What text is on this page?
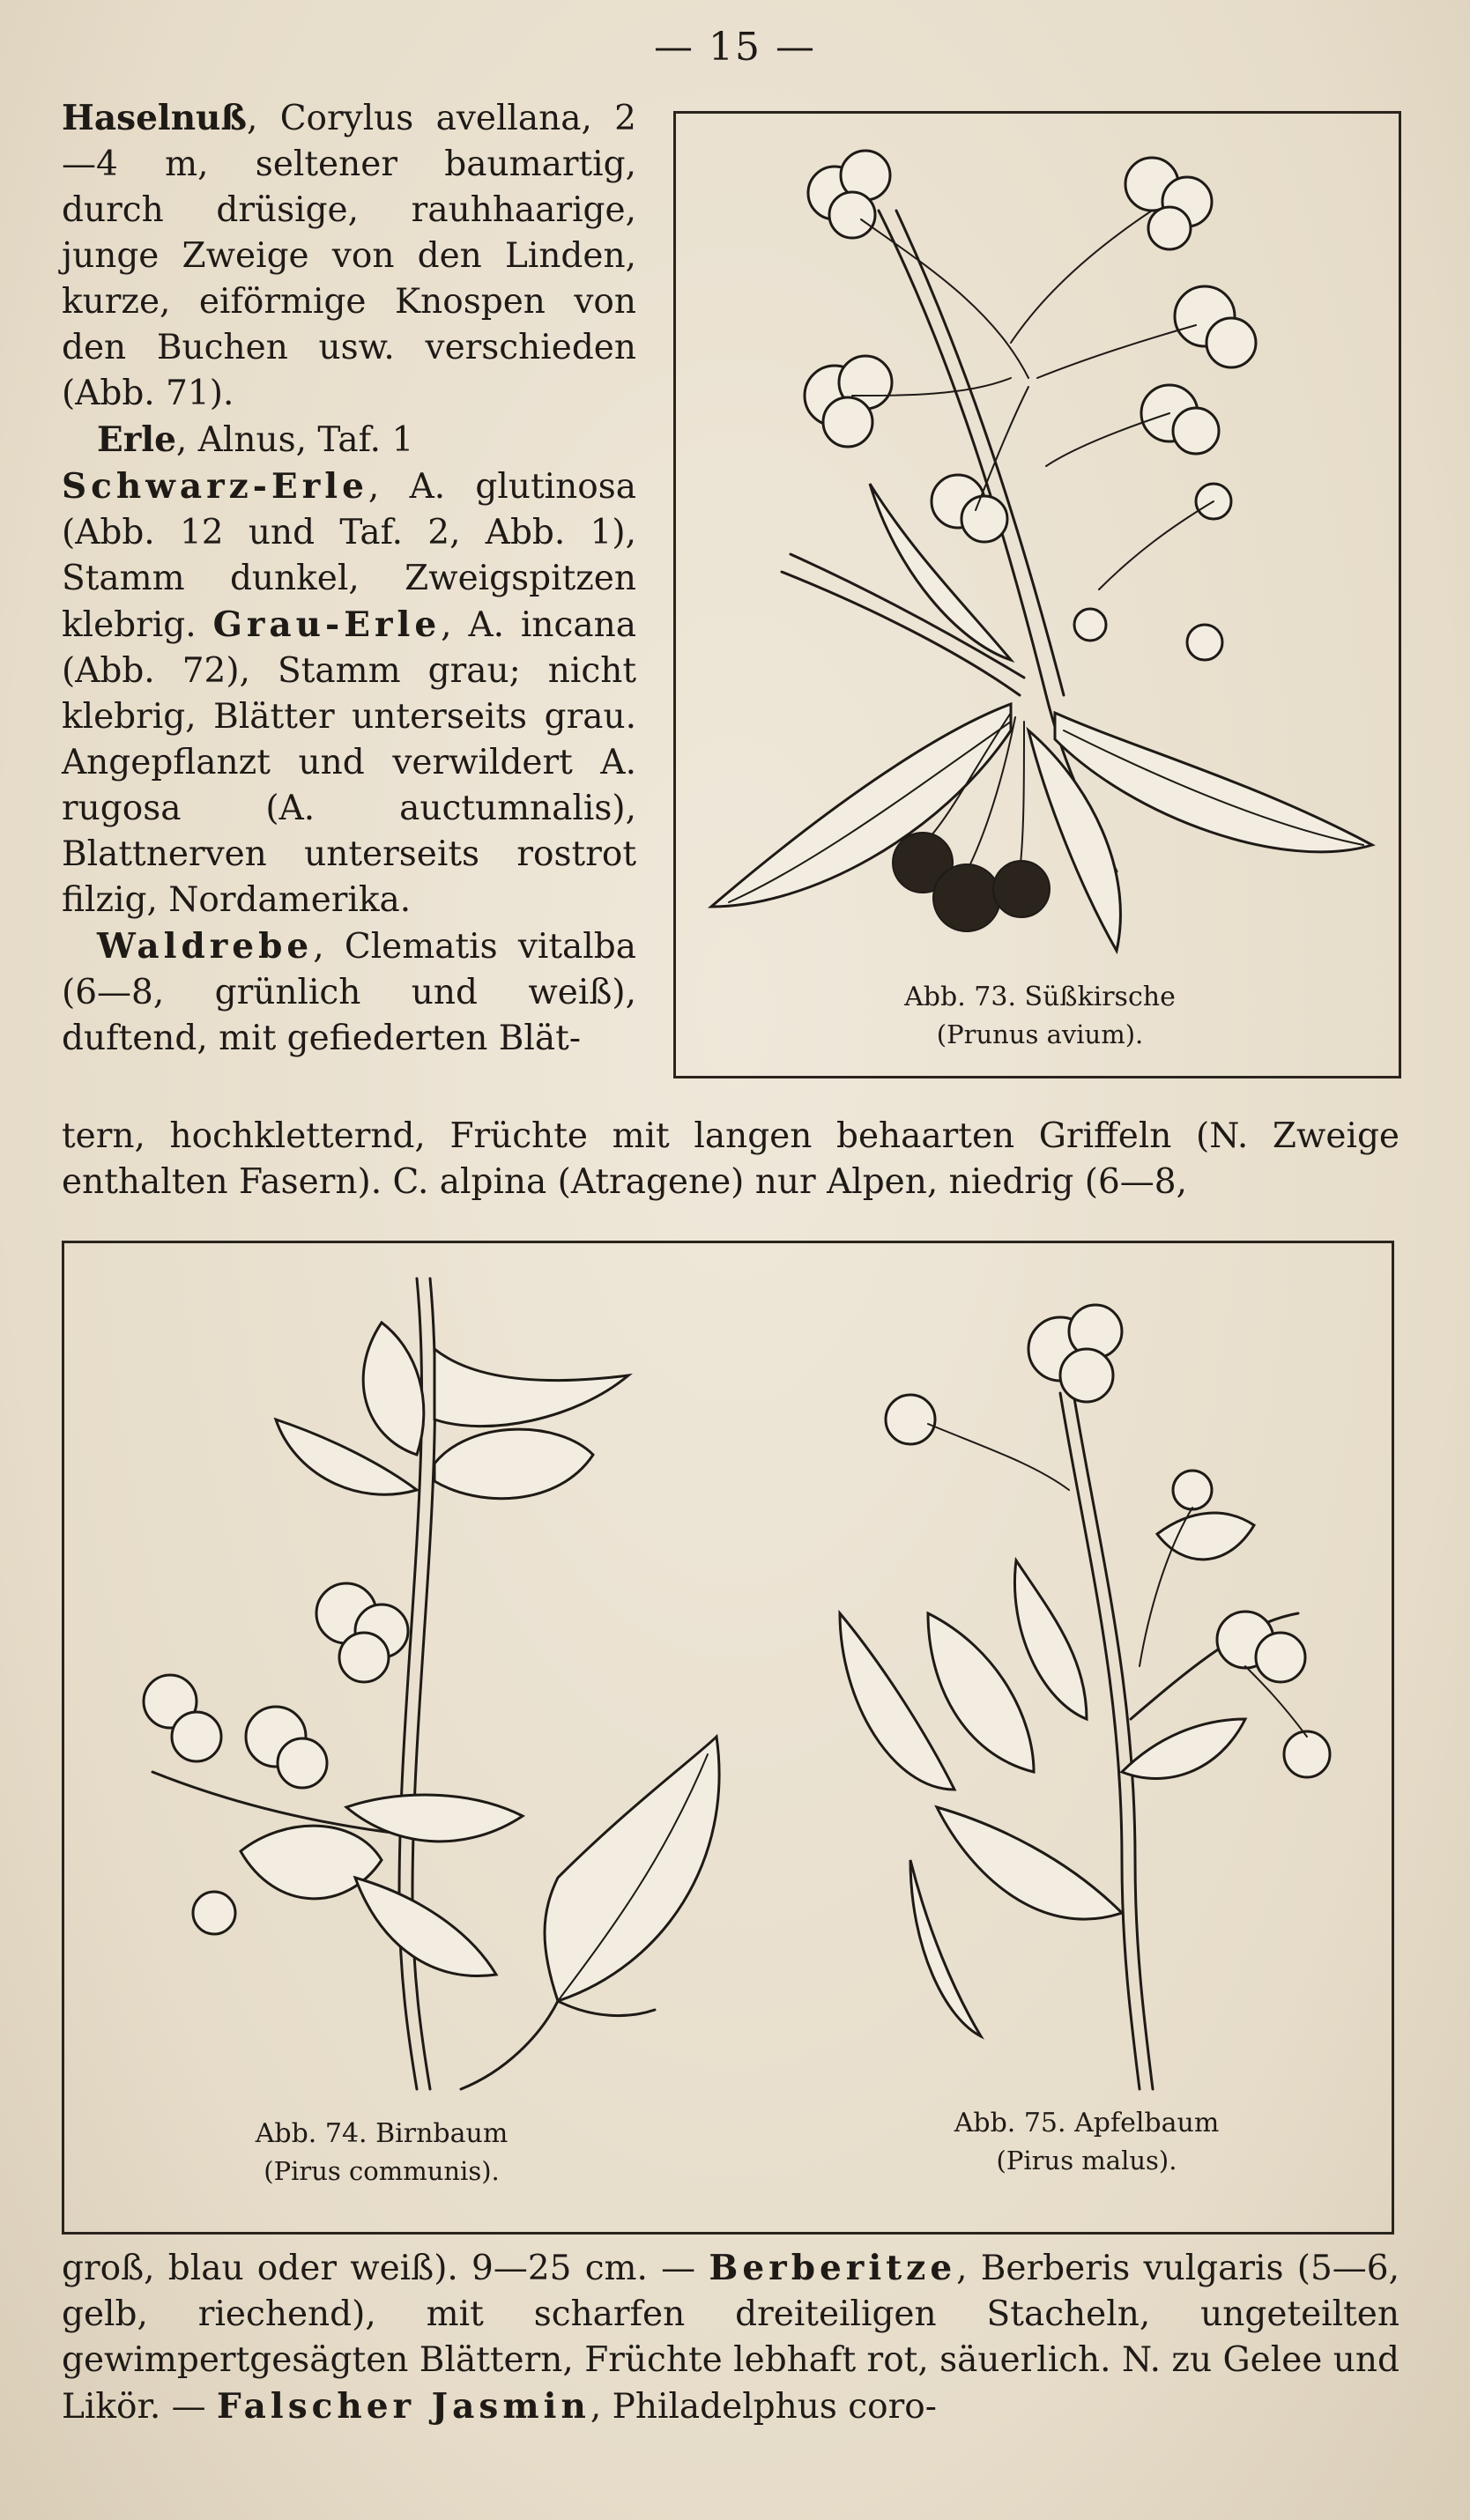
— 15 —

Haselnuß, Corylus avellana, 2—4 m, seltener baumartig, durch drüsige, rauhhaarige, junge Zweige von den Linden, kurze, eiförmige Knospen von den Buchen usw. verschieden (Abb. 71).

Erle, Alnus, Taf. 1
Schwarz-Erle, A. glutinosa (Abb. 12 und Taf. 2, Abb. 1), Stamm dunkel, Zweigspitzen klebrig. Grau-Erle, A. incana (Abb. 72), Stamm grau; nicht klebrig, Blätter unterseits grau. Angepflanzt und verwildert A. rugosa (A. auctumnalis), Blattnerven unterseits rostrot filzig, Nordamerika.

Waldrebe, Clematis vitalba (6—8, grünlich und weiß), duftend, mit gefiederten Blät-

Abb. 73. Süßkirsche
(Prunus avium).

tern, hochkletternd, Früchte mit langen behaarten Griffeln (N. Zweige enthalten Fasern). C. alpina (Atragene) nur Alpen, niedrig (6—8,

Abb. 74. Birnbaum
(Pirus communis).
Abb. 75. Apfelbaum
(Pirus malus).

groß, blau oder weiß). 9—25 cm. — Berberitze, Berberis vulgaris (5—6, gelb, riechend), mit scharfen dreiteiligen Stacheln, ungeteilten gewimpertgesägten Blättern, Früchte lebhaft rot, säuerlich. N. zu Gelee und Likör. — Falscher Jasmin, Philadelphus coro-
